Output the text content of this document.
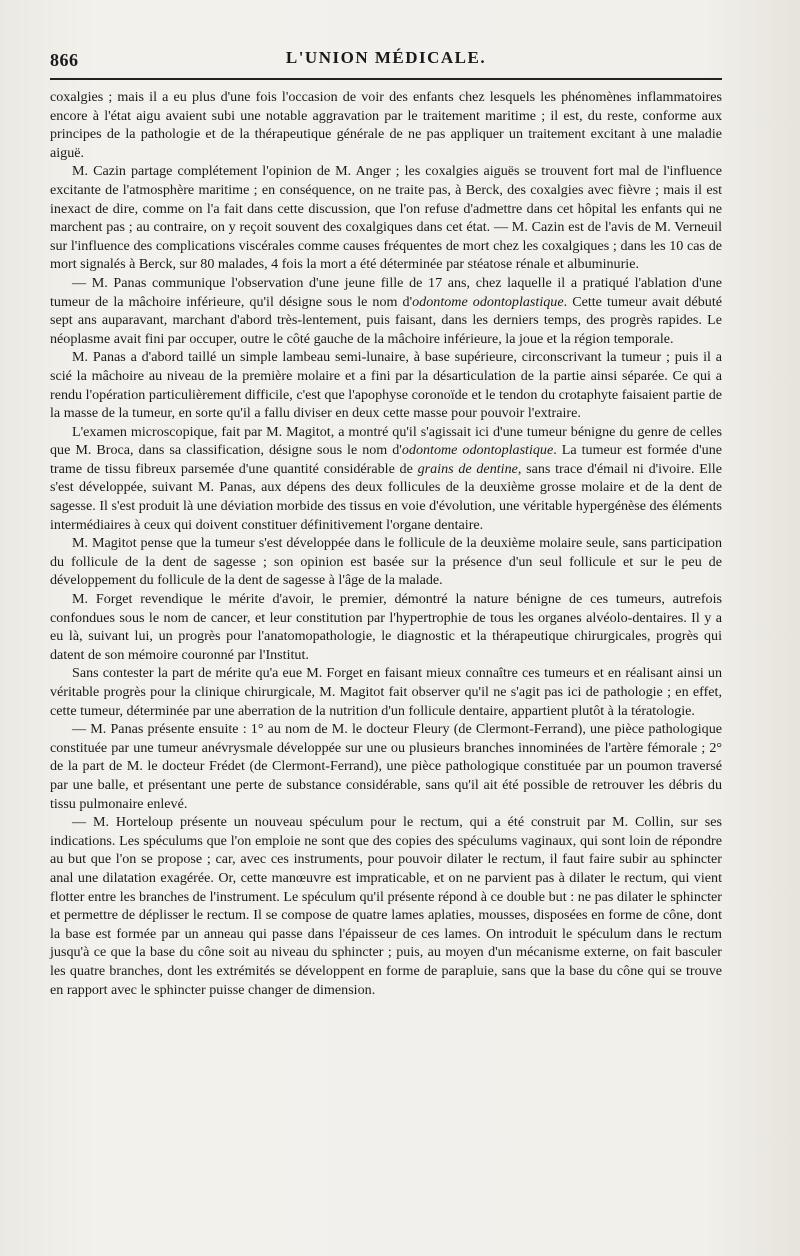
866	L'UNION MÉDICALE.

coxalgies ; mais il a eu plus d'une fois l'occasion de voir des enfants chez lesquels les phénomènes inflammatoires encore à l'état aigu avaient subi une notable aggravation par le traitement maritime ; il est, du reste, conforme aux principes de la pathologie et de la thérapeutique générale de ne pas appliquer un traitement excitant à une maladie aiguë.

M. Cazin partage complétement l'opinion de M. Anger ; les coxalgies aiguës se trouvent fort mal de l'influence excitante de l'atmosphère maritime ; en conséquence, on ne traite pas, à Berck, des coxalgies avec fièvre ; mais il est inexact de dire, comme on l'a fait dans cette discussion, que l'on refuse d'admettre dans cet hôpital les enfants qui ne marchent pas ; au contraire, on y reçoit souvent des coxalgiques dans cet état. — M. Cazin est de l'avis de M. Verneuil sur l'influence des complications viscérales comme causes fréquentes de mort chez les coxalgiques ; dans les 10 cas de mort signalés à Berck, sur 80 malades, 4 fois la mort a été déterminée par stéatose rénale et albuminurie.

— M. Panas communique l'observation d'une jeune fille de 17 ans, chez laquelle il a pratiqué l'ablation d'une tumeur de la mâchoire inférieure, qu'il désigne sous le nom d'odontome odontoplastique. Cette tumeur avait débuté sept ans auparavant, marchant d'abord très-lentement, puis faisant, dans les derniers temps, des progrès rapides. Le néoplasme avait fini par occuper, outre le côté gauche de la mâchoire inférieure, la joue et la région temporale.

M. Panas a d'abord taillé un simple lambeau semi-lunaire, à base supérieure, circonscrivant la tumeur ; puis il a scié la mâchoire au niveau de la première molaire et a fini par la désarticulation de la partie ainsi séparée. Ce qui a rendu l'opération particulièrement difficile, c'est que l'apophyse coronoïde et le tendon du crotaphyte faisaient partie de la masse de la tumeur, en sorte qu'il a fallu diviser en deux cette masse pour pouvoir l'extraire.

L'examen microscopique, fait par M. Magitot, a montré qu'il s'agissait ici d'une tumeur bénigne du genre de celles que M. Broca, dans sa classification, désigne sous le nom d'odontome odontoplastique. La tumeur est formée d'une trame de tissu fibreux parsemée d'une quantité considérable de grains de dentine, sans trace d'émail ni d'ivoire. Elle s'est développée, suivant M. Panas, aux dépens des deux follicules de la deuxième grosse molaire et de la dent de sagesse. Il s'est produit là une déviation morbide des tissus en voie d'évolution, une véritable hypergénèse des éléments intermédiaires à ceux qui doivent constituer définitivement l'organe dentaire.

M. Magitot pense que la tumeur s'est développée dans le follicule de la deuxième molaire seule, sans participation du follicule de la dent de sagesse ; son opinion est basée sur la présence d'un seul follicule et sur le peu de développement du follicule de la dent de sagesse à l'âge de la malade.

M. Forget revendique le mérite d'avoir, le premier, démontré la nature bénigne de ces tumeurs, autrefois confondues sous le nom de cancer, et leur constitution par l'hypertrophie de tous les organes alvéolo-dentaires. Il y a eu là, suivant lui, un progrès pour l'anatomopathologie, le diagnostic et la thérapeutique chirurgicales, progrès qui datent de son mémoire couronné par l'Institut.

Sans contester la part de mérite qu'a eue M. Forget en faisant mieux connaître ces tumeurs et en réalisant ainsi un véritable progrès pour la clinique chirurgicale, M. Magitot fait observer qu'il ne s'agit pas ici de pathologie ; en effet, cette tumeur, déterminée par une aberration de la nutrition d'un follicule dentaire, appartient plutôt à la tératologie.

— M. Panas présente ensuite : 1° au nom de M. le docteur Fleury (de Clermont-Ferrand), une pièce pathologique constituée par une tumeur anévrysmale développée sur une ou plusieurs branches innominées de l'artère fémorale ; 2° de la part de M. le docteur Frédet (de Clermont-Ferrand), une pièce pathologique constituée par un poumon traversé par une balle, et présentant une perte de substance considérable, sans qu'il ait été possible de retrouver les débris du tissu pulmonaire enlevé.

— M. Horteloup présente un nouveau spéculum pour le rectum, qui a été construit par M. Collin, sur ses indications. Les spéculums que l'on emploie ne sont que des copies des spéculums vaginaux, qui sont loin de répondre au but que l'on se propose ; car, avec ces instruments, pour pouvoir dilater le rectum, il faut faire subir au sphincter anal une dilatation exagérée. Or, cette manœuvre est impraticable, et on ne parvient pas à dilater le rectum, qui vient flotter entre les branches de l'instrument. Le spéculum qu'il présente répond à ce double but : ne pas dilater le sphincter et permettre de déplisser le rectum. Il se compose de quatre lames aplaties, mousses, disposées en forme de cône, dont la base est formée par un anneau qui passe dans l'épaisseur de ces lames. On introduit le spéculum dans le rectum jusqu'à ce que la base du cône soit au niveau du sphincter ; puis, au moyen d'un mécanisme externe, on fait basculer les quatre branches, dont les extrémités se développent en forme de parapluie, sans que la base du cône qui se trouve en rapport avec le sphincter puisse changer de dimension.
